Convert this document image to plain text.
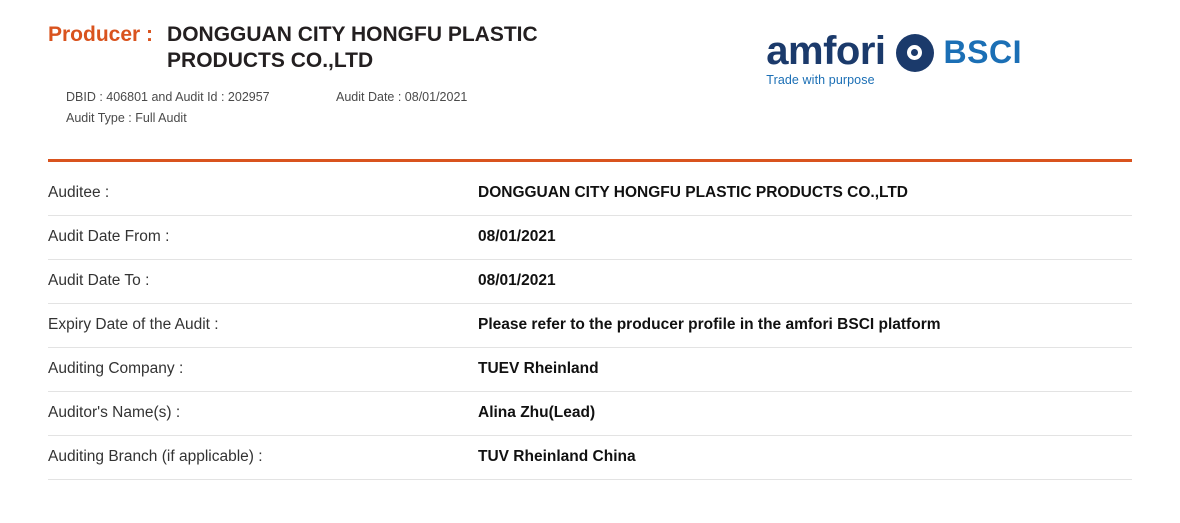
Producer : DONGGUAN CITY HONGFU PLASTIC PRODUCTS CO.,LTD
DBID : 406801 and Audit Id : 202957	Audit Date : 08/01/2021
Audit Type : Full Audit
amfori
Trade with purpose
BSCI
Auditee :	DONGGUAN CITY HONGFU PLASTIC PRODUCTS CO.,LTD
Audit Date From :	08/01/2021
Audit Date To :	08/01/2021
Expiry Date of the Audit :	Please refer to the producer profile in the amfori BSCI platform
Auditing Company :	TUEV Rheinland
Auditor's Name(s) :	Alina Zhu(Lead)
Auditing Branch (if applicable) :	TUV Rheinland China
